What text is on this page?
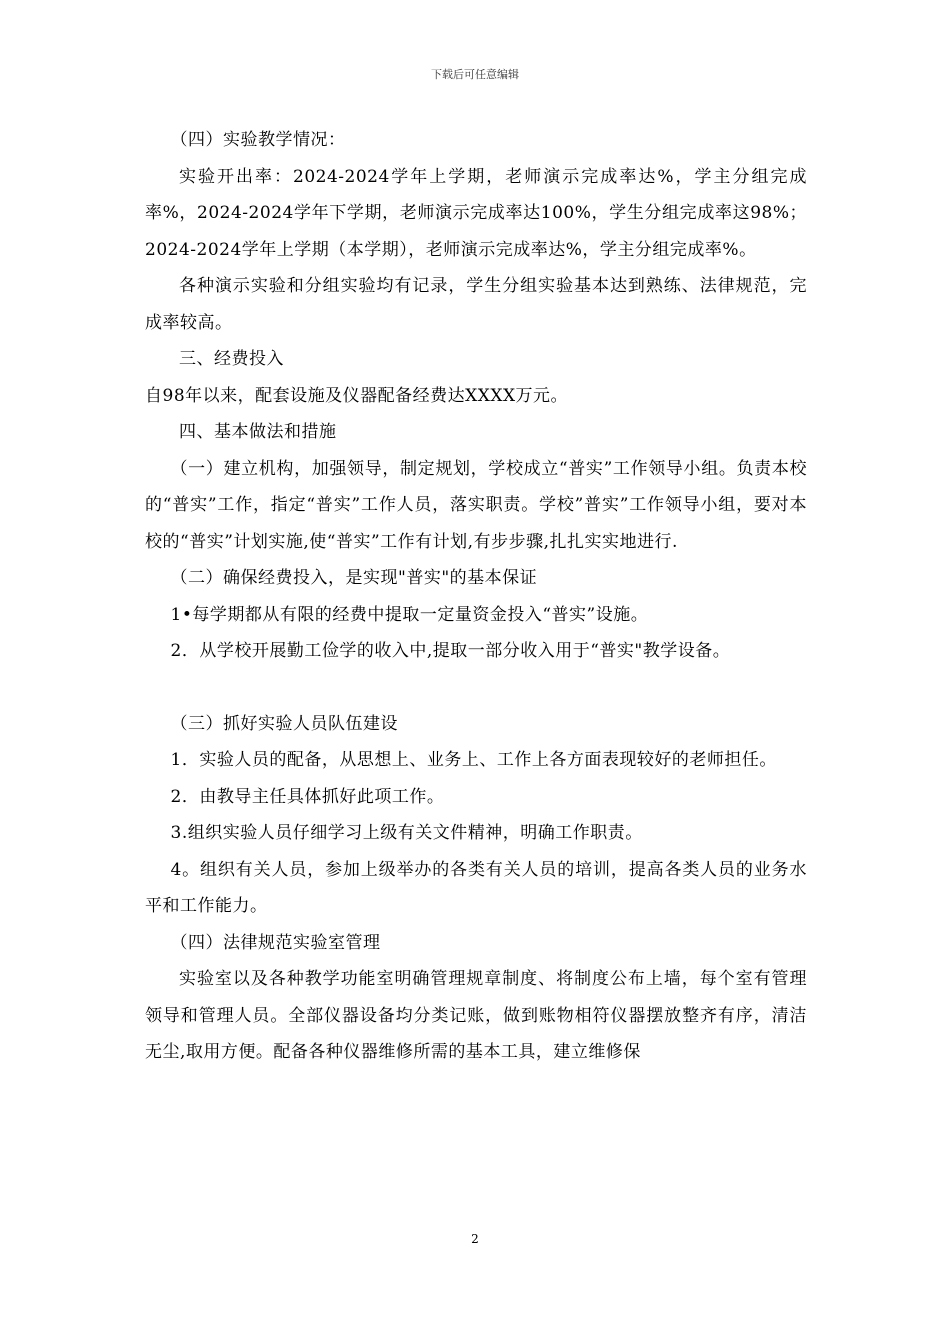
下载后可任意编辑

（四）实验教学情况：

实验开出率：2024-2024学年上学期，老师演示完成率达%，学主分组完成率%，2024-2024学年下学期，老师演示完成率达100%，学生分组完成率这98%；2024-2024学年上学期（本学期），老师演示完成率达%，学主分组完成率%。

各种演示实验和分组实验均有记录，学生分组实验基本达到熟练、法律规范，完成率较高。

三、经费投入

自98年以来，配套设施及仪器配备经费达XXXX万元。

四、基本做法和措施

（一）建立机构，加强领导，制定规划，学校成立“普实”工作领导小组。负责本校的“普实”工作，指定“普实”工作人员，落实职责。学校”普实”工作领导小组，要对本校的“普实”计划实施,使“普实”工作有计划,有步步骤,扎扎实实地进行.

（二）确保经费投入，是实现"普实"的基本保证

1•每学期都从有限的经费中提取一定量资金投入“普实”设施。

2．从学校开展勤工俭学的收入中,提取一部分收入用于“普实"教学设备。

（三）抓好实验人员队伍建设

1．实验人员的配备，从思想上、业务上、工作上各方面表现较好的老师担任。

2．由教导主任具体抓好此项工作。

3.组织实验人员仔细学习上级有关文件精神，明确工作职责。

4。组织有关人员，参加上级举办的各类有关人员的培训，提高各类人员的业务水平和工作能力。

（四）法律规范实验室管理

实验室以及各种教学功能室明确管理规章制度、将制度公布上墙，每个室有管理领导和管理人员。全部仪器设备均分类记账，做到账物相符仪器摆放整齐有序，清洁无尘,取用方便。配备各种仪器维修所需的基本工具，建立维修保

2
